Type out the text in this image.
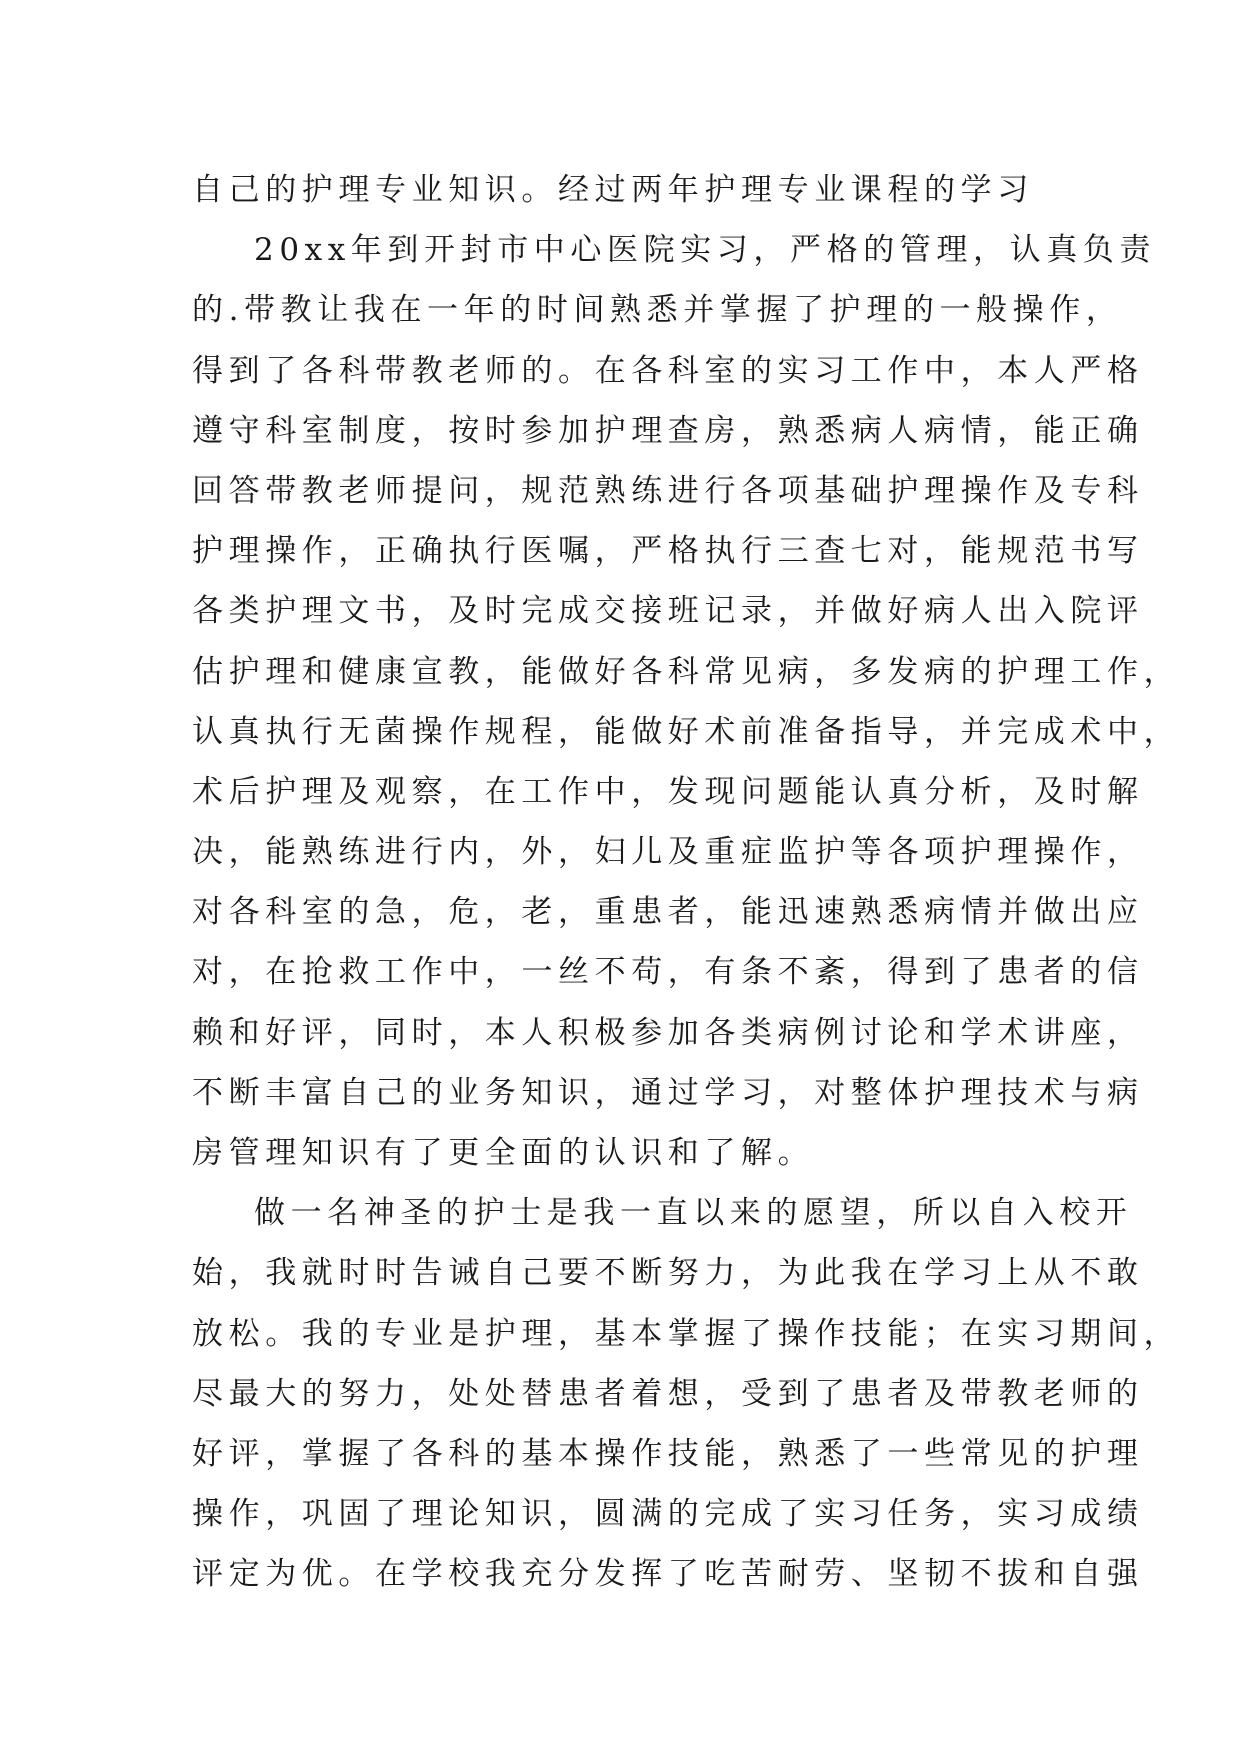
自己的护理专业知识。经过两年护理专业课程的学习
20xx年到开封市中心医院实习，严格的管理，认真负责
的.带教让我在一年的时间熟悉并掌握了护理的一般操作，
得到了各科带教老师的。在各科室的实习工作中，本人严格
遵守科室制度，按时参加护理查房，熟悉病人病情，能正确
回答带教老师提问，规范熟练进行各项基础护理操作及专科
护理操作，正确执行医嘱，严格执行三查七对，能规范书写
各类护理文书，及时完成交接班记录，并做好病人出入院评
估护理和健康宣教，能做好各科常见病，多发病的护理工作，
认真执行无菌操作规程，能做好术前准备指导，并完成术中，
术后护理及观察，在工作中，发现问题能认真分析，及时解
决，能熟练进行内，外，妇儿及重症监护等各项护理操作，
对各科室的急，危，老，重患者，能迅速熟悉病情并做出应
对，在抢救工作中，一丝不苟，有条不紊，得到了患者的信
赖和好评，同时，本人积极参加各类病例讨论和学术讲座，
不断丰富自己的业务知识，通过学习，对整体护理技术与病
房管理知识有了更全面的认识和了解。
做一名神圣的护士是我一直以来的愿望，所以自入校开
始，我就时时告诫自己要不断努力，为此我在学习上从不敢
放松。我的专业是护理，基本掌握了操作技能；在实习期间，
尽最大的努力，处处替患者着想，受到了患者及带教老师的
好评，掌握了各科的基本操作技能，熟悉了一些常见的护理
操作，巩固了理论知识，圆满的完成了实习任务，实习成绩
评定为优。在学校我充分发挥了吃苦耐劳、坚韧不拔和自强
